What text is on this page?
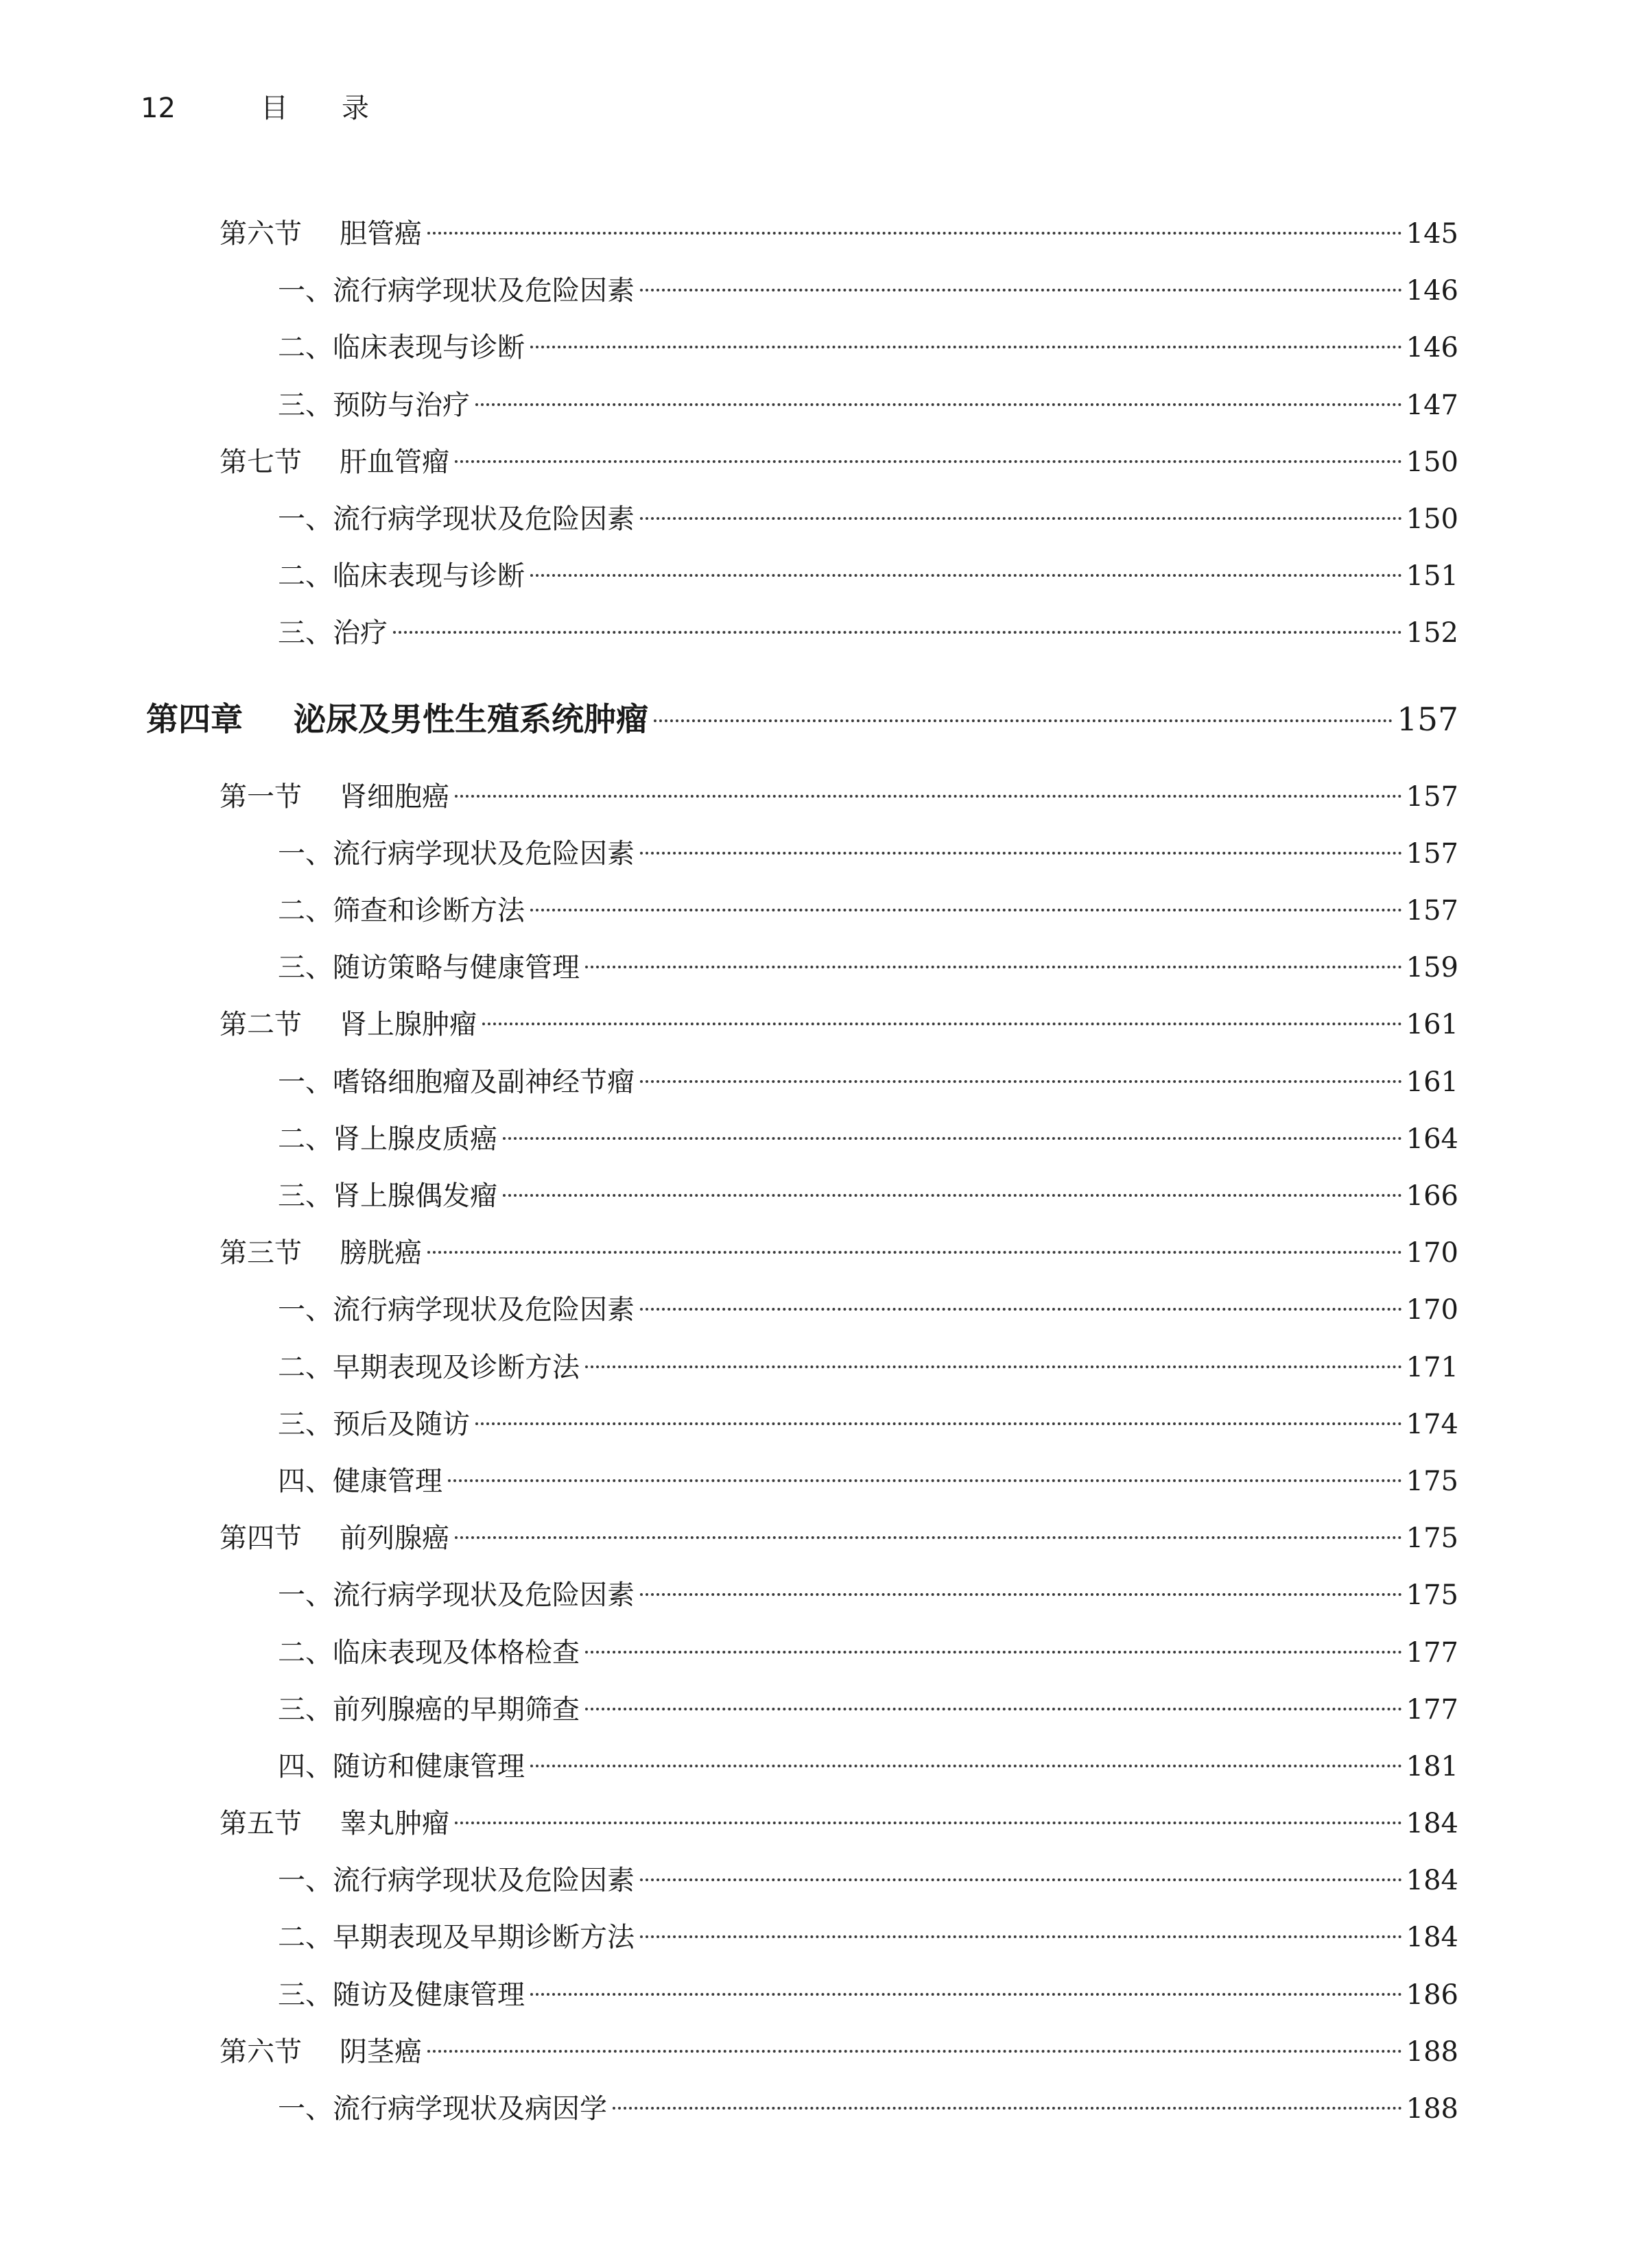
12	目录
第六节	胆管癌	145
一、 流行病学现状及危险因素	146
二、 临床表现与诊断	146
三、 预防与治疗	147
第七节	肝血管瘤	150
一、 流行病学现状及危险因素	150
二、 临床表现与诊断	151
三、 治疗	152
第四章	泌尿及男性生殖系统肿瘤	157
第一节	肾细胞癌	157
一、 流行病学现状及危险因素	157
二、 筛查和诊断方法	157
三、 随访策略与健康管理	159
第二节	肾上腺肿瘤	161
一、 嗜铬细胞瘤及副神经节瘤	161
二、 肾上腺皮质癌	164
三、 肾上腺偶发瘤	166
第三节	膀胱癌	170
一、 流行病学现状及危险因素	170
二、 早期表现及诊断方法	171
三、 预后及随访	174
四、 健康管理	175
第四节	前列腺癌	175
一、 流行病学现状及危险因素	175
二、 临床表现及体格检查	177
三、 前列腺癌的早期筛查	177
四、 随访和健康管理	181
第五节	睾丸肿瘤	184
一、 流行病学现状及危险因素	184
二、 早期表现及早期诊断方法	184
三、 随访及健康管理	186
第六节	阴茎癌	188
一、 流行病学现状及病因学	188
